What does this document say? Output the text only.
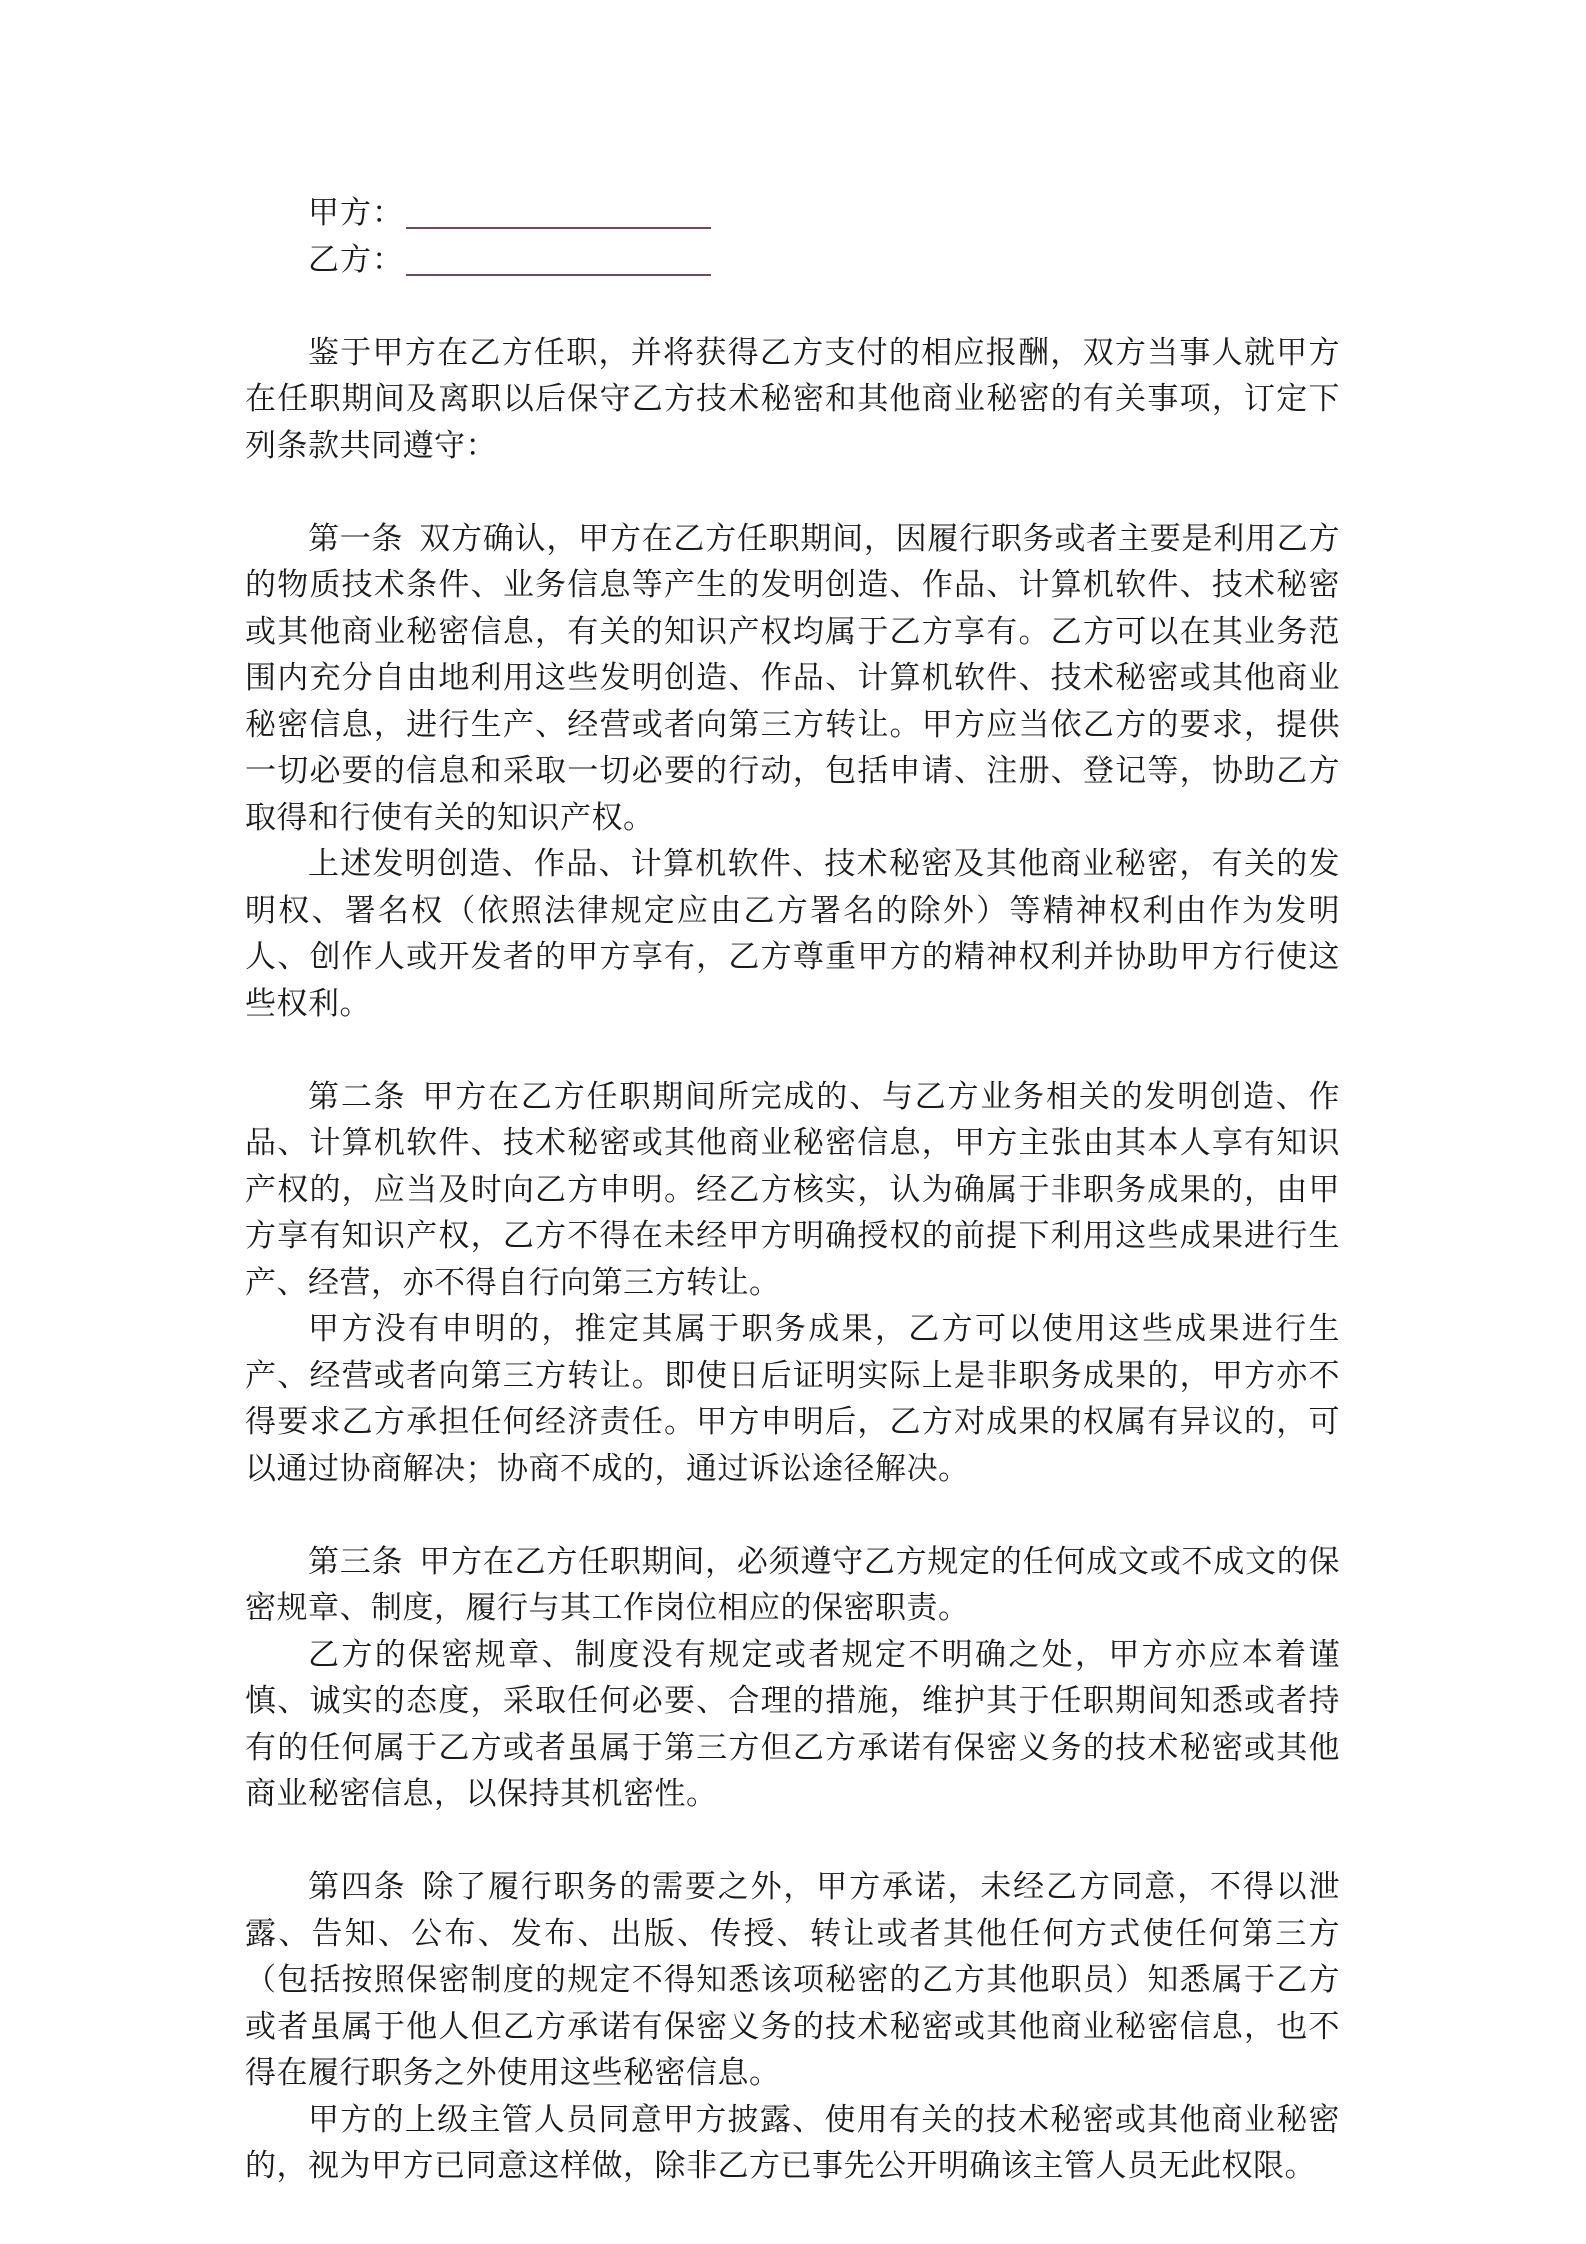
甲方：
乙方：

鉴于甲方在乙方任职，并将获得乙方支付的相应报酬，双方当事人就甲方在任职期间及离职以后保守乙方技术秘密和其他商业秘密的有关事项，订定下列条款共同遵守：

第一条 双方确认，甲方在乙方任职期间，因履行职务或者主要是利用乙方的物质技术条件、业务信息等产生的发明创造、作品、计算机软件、技术秘密或其他商业秘密信息，有关的知识产权均属于乙方享有。乙方可以在其业务范围内充分自由地利用这些发明创造、作品、计算机软件、技术秘密或其他商业秘密信息，进行生产、经营或者向第三方转让。甲方应当依乙方的要求，提供一切必要的信息和采取一切必要的行动，包括申请、注册、登记等，协助乙方取得和行使有关的知识产权。

上述发明创造、作品、计算机软件、技术秘密及其他商业秘密，有关的发明权、署名权（依照法律规定应由乙方署名的除外）等精神权利由作为发明人、创作人或开发者的甲方享有，乙方尊重甲方的精神权利并协助甲方行使这些权利。

第二条 甲方在乙方任职期间所完成的、与乙方业务相关的发明创造、作品、计算机软件、技术秘密或其他商业秘密信息，甲方主张由其本人享有知识产权的，应当及时向乙方申明。经乙方核实，认为确属于非职务成果的，由甲方享有知识产权，乙方不得在未经甲方明确授权的前提下利用这些成果进行生产、经营，亦不得自行向第三方转让。

甲方没有申明的，推定其属于职务成果，乙方可以使用这些成果进行生产、经营或者向第三方转让。即使日后证明实际上是非职务成果的，甲方亦不得要求乙方承担任何经济责任。甲方申明后，乙方对成果的权属有异议的，可以通过协商解决；协商不成的，通过诉讼途径解决。

第三条 甲方在乙方任职期间，必须遵守乙方规定的任何成文或不成文的保密规章、制度，履行与其工作岗位相应的保密职责。

乙方的保密规章、制度没有规定或者规定不明确之处，甲方亦应本着谨慎、诚实的态度，采取任何必要、合理的措施，维护其于任职期间知悉或者持有的任何属于乙方或者虽属于第三方但乙方承诺有保密义务的技术秘密或其他商业秘密信息，以保持其机密性。

第四条 除了履行职务的需要之外，甲方承诺，未经乙方同意，不得以泄露、告知、公布、发布、出版、传授、转让或者其他任何方式使任何第三方（包括按照保密制度的规定不得知悉该项秘密的乙方其他职员）知悉属于乙方或者虽属于他人但乙方承诺有保密义务的技术秘密或其他商业秘密信息，也不得在履行职务之外使用这些秘密信息。

甲方的上级主管人员同意甲方披露、使用有关的技术秘密或其他商业秘密的，视为甲方已同意这样做，除非乙方已事先公开明确该主管人员无此权限。
